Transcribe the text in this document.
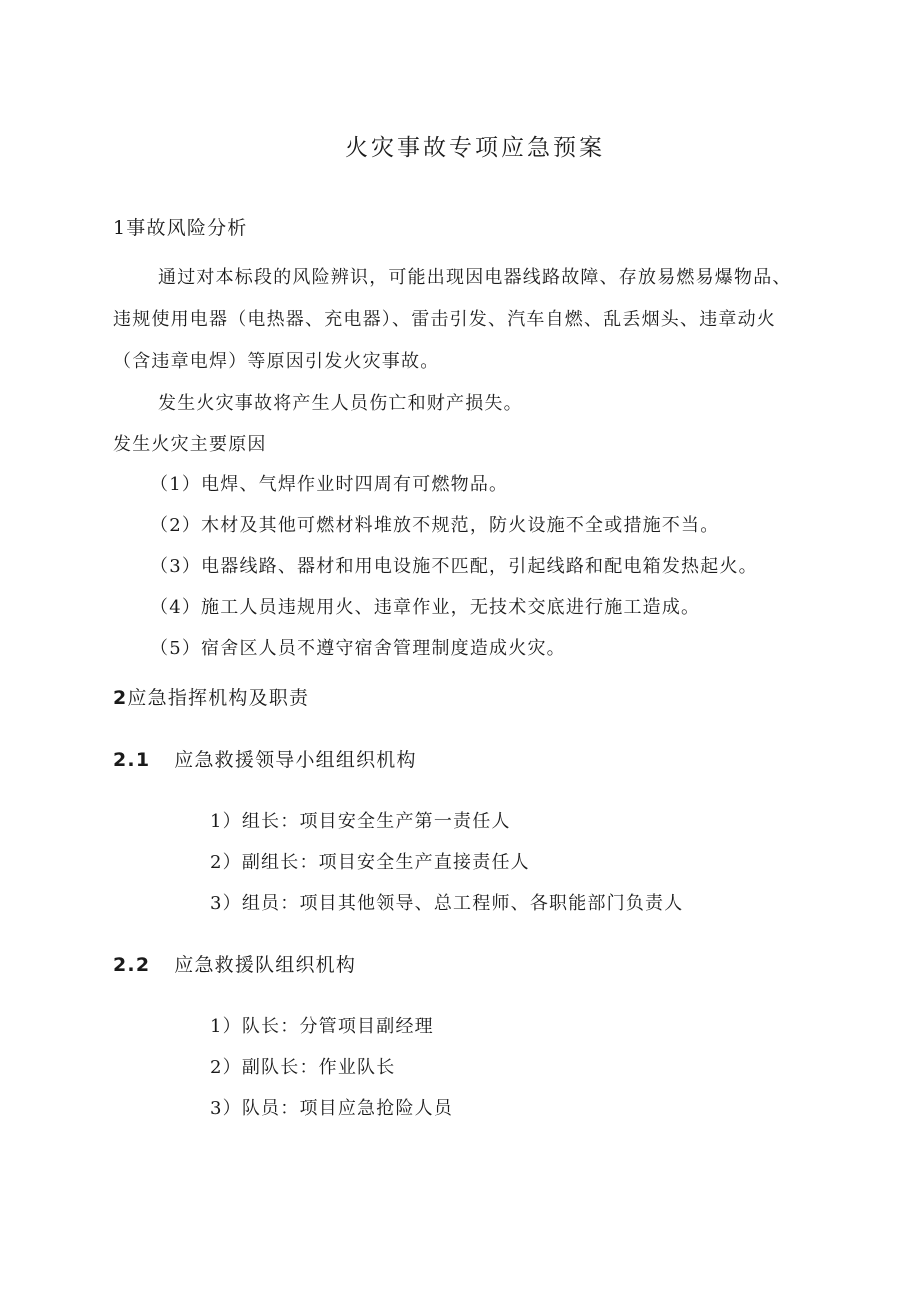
火灾事故专项应急预案
1事故风险分析
通过对本标段的风险辨识，可能出现因电器线路故障、存放易燃易爆物品、
违规使用电器（电热器、充电器）、雷击引发、汽车自燃、乱丢烟头、违章动火
（含违章电焊）等原因引发火灾事故。
发生火灾事故将产生人员伤亡和财产损失。
发生火灾主要原因
（1）电焊、气焊作业时四周有可燃物品。
（2）木材及其他可燃材料堆放不规范，防火设施不全或措施不当。
（3）电器线路、器材和用电设施不匹配，引起线路和配电箱发热起火。
（4）施工人员违规用火、违章作业，无技术交底进行施工造成。
（5）宿舍区人员不遵守宿舍管理制度造成火灾。
2应急指挥机构及职责
2.1 应急救援领导小组组织机构
1）组长：项目安全生产第一责任人
2）副组长：项目安全生产直接责任人
3）组员：项目其他领导、总工程师、各职能部门负责人
2.2 应急救援队组织机构
1）队长：分管项目副经理
2）副队长：作业队长
3）队员：项目应急抢险人员
